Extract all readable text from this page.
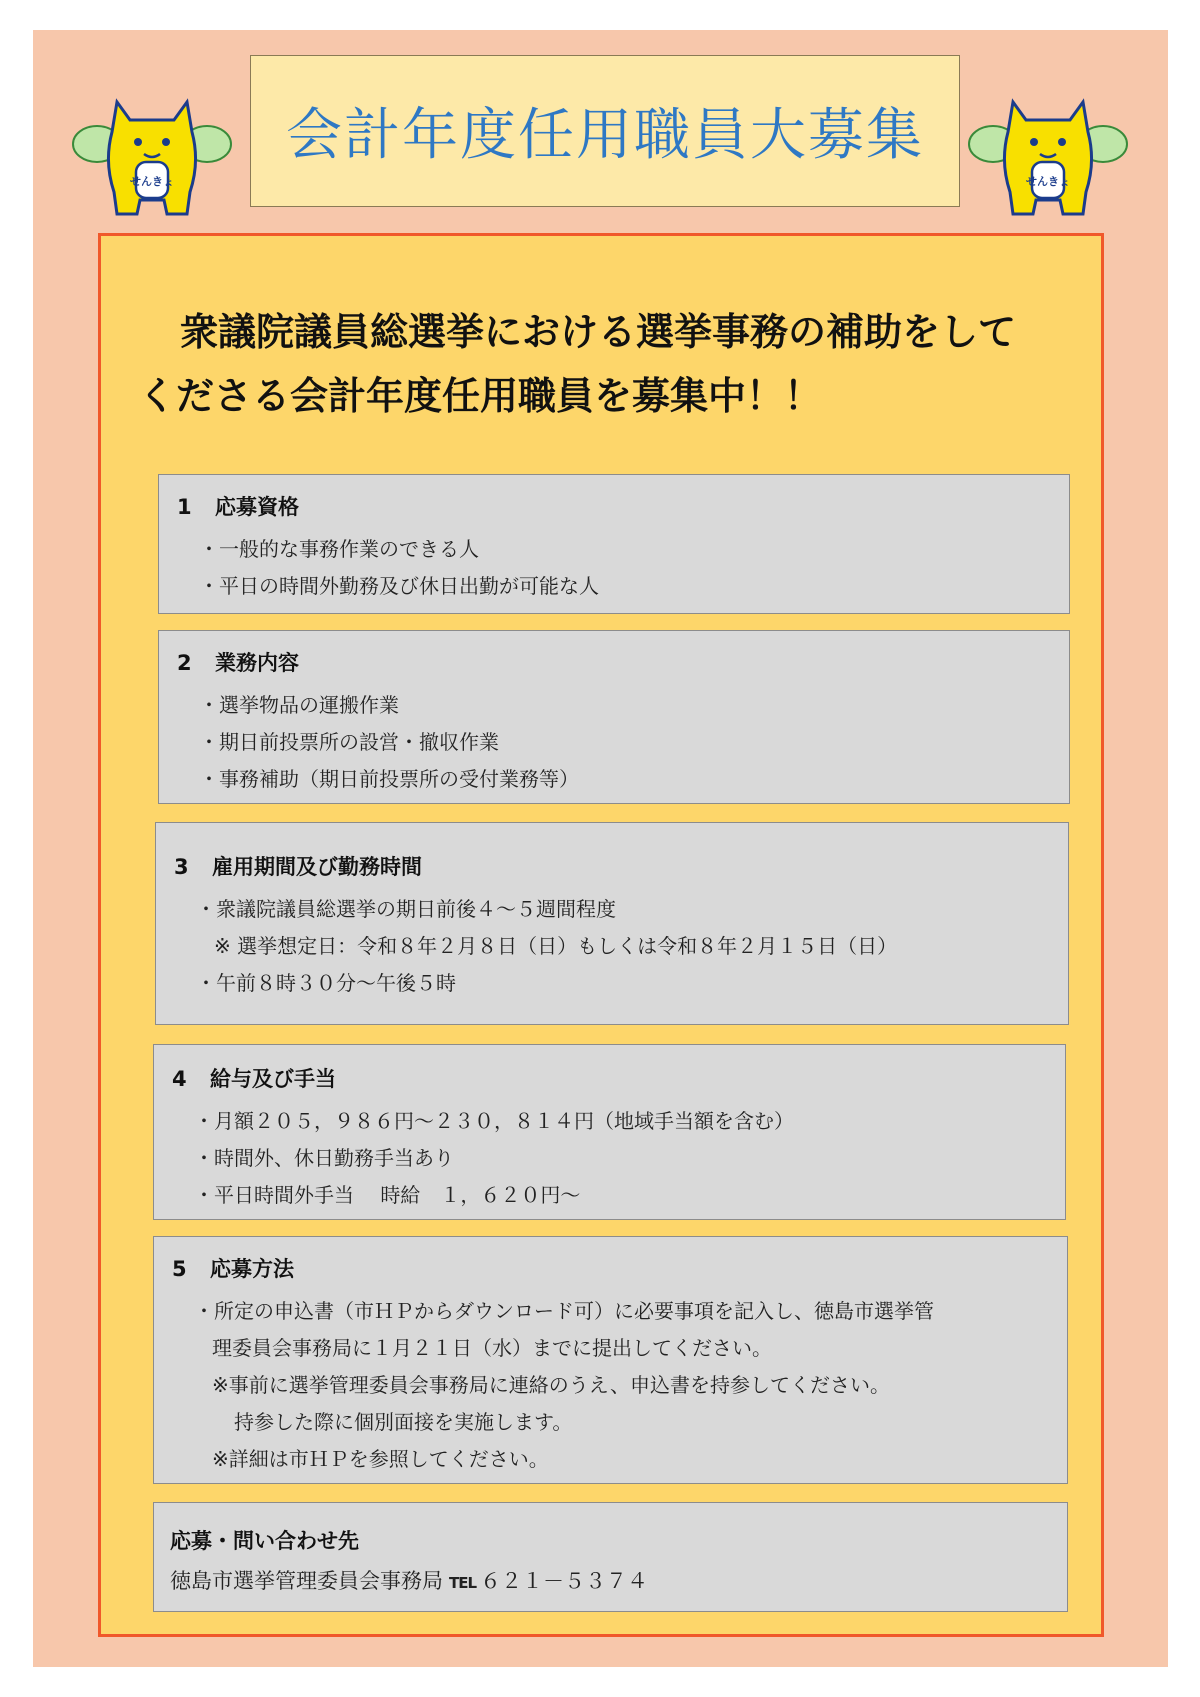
せんきょ	せんきょ
会計年度任用職員大募集
衆議院議員総選挙における選挙事務の補助をして
くださる会計年度任用職員を募集中！！
1 応募資格
・一般的な事務作業のできる人
・平日の時間外勤務及び休日出勤が可能な人
2 業務内容
・選挙物品の運搬作業
・期日前投票所の設営・撤収作業
・事務補助（期日前投票所の受付業務等）
3 雇用期間及び勤務時間
・衆議院議員総選挙の期日前後４～５週間程度
※ 選挙想定日：令和８年２月８日（日）もしくは令和８年２月１５日（日）
・午前８時３０分～午後５時
4 給与及び手当
・月額２０５，９８６円～２３０，８１４円（地域手当額を含む）
・時間外、休日勤務手当あり
・平日時間外手当　 時給　１，６２０円～
5 応募方法
・所定の申込書（市ＨＰからダウンロード可）に必要事項を記入し、徳島市選挙管
理委員会事務局に１月２１日（水）までに提出してください。
※事前に選挙管理委員会事務局に連絡のうえ、申込書を持参してください。
持参した際に個別面接を実施します。
※詳細は市ＨＰを参照してください。
応募・問い合わせ先
徳島市選挙管理委員会事務局 TEL ６２１－５３７４
